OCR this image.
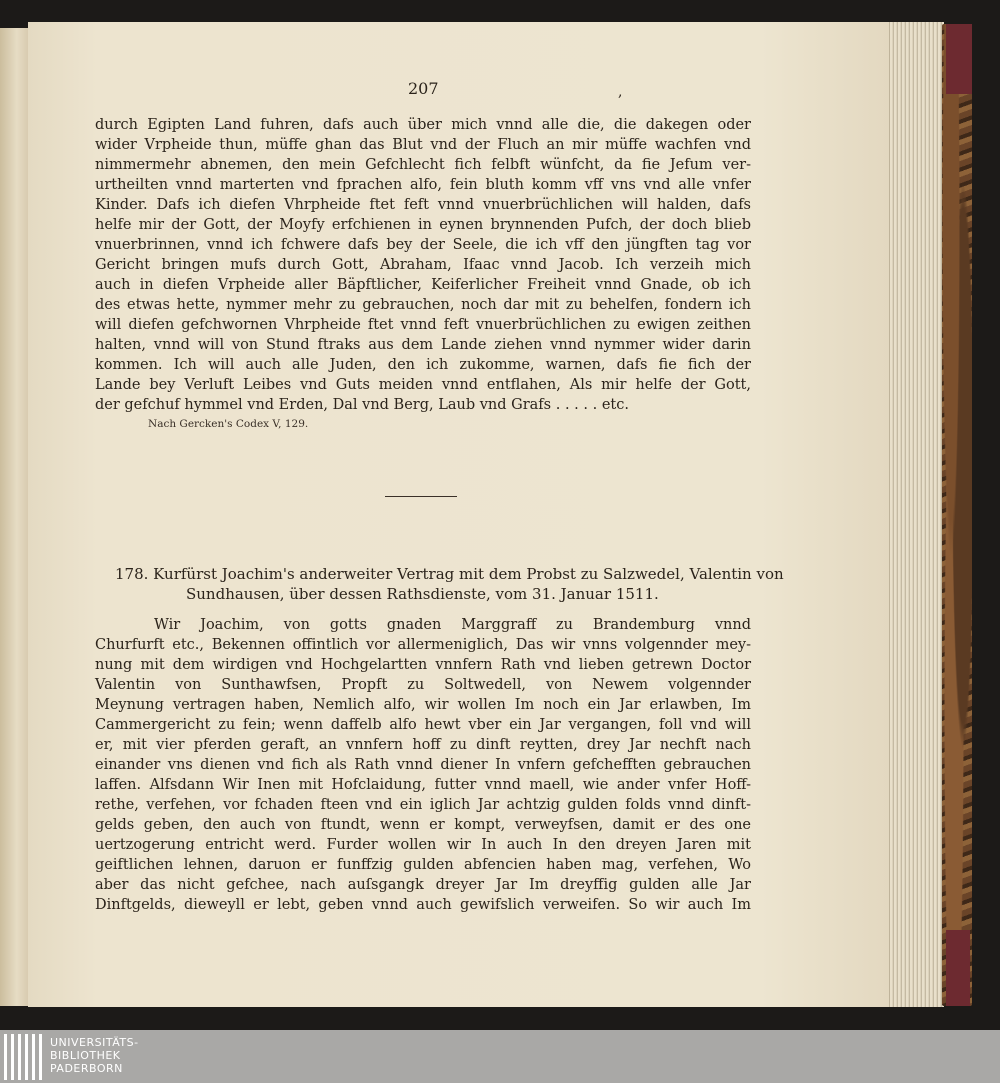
207	,
durch Egipten Land fuhren, dafs auch über mich vnnd alle die, die dakegen oder
wider Vrpheide thun, müffe ghan das Blut vnd der Fluch an mir müffe wachfen vnd
nimmermehr abnemen, den mein Gefchlecht fich felbft wünfcht, da fie Jefum ver-
urtheilten vnnd marterten vnd fprachen alfo, fein bluth komm vff vns vnd alle vnfer
Kinder. Dafs ich diefen Vhrpheide ftet feft vnnd vnuerbrüchlichen will halden, dafs
helfe mir der Gott, der Moyfy erfchienen in eynen brynnenden Pufch, der doch blieb
vnuerbrinnen, vnnd ich fchwere dafs bey der Seele, die ich vff den jüngften tag vor
Gericht bringen mufs durch Gott, Abraham, Ifaac vnnd Jacob. Ich verzeih mich
auch in diefen Vrpheide aller Bäpftlicher, Keiferlicher Freiheit vnnd Gnade, ob ich
des etwas hette, nymmer mehr zu gebrauchen, noch dar mit zu behelfen, fondern ich
will diefen gefchwornen Vhrpheide ftet vnnd feft vnuerbrüchlichen zu ewigen zeithen
halten, vnnd will von Stund ftraks aus dem Lande ziehen vnnd nymmer wider darin
kommen. Ich will auch alle Juden, den ich zukomme, warnen, dafs fie fich der
Lande bey Verluft Leibes vnd Guts meiden vnnd entflahen, Als mir helfe der Gott,
der gefchuf hymmel vnd Erden, Dal vnd Berg, Laub vnd Grafs . . . . . etc.
Nach Gercken's Codex V, 129.
178. Kurfürst Joachim's anderweiter Vertrag mit dem Probst zu Salzwedel, Valentin von
Sundhausen, über dessen Rathsdienste, vom 31. Januar 1511.
Wir Joachim, von gotts gnaden Marggraff zu Brandemburg vnnd
Churfurft etc., Bekennen offintlich vor allermeniglich, Das wir vnns volgennder mey-
nung mit dem wirdigen vnd Hochgelartten vnnfern Rath vnd lieben getrewn Doctor
Valentin von Sunthawfsen, Propft zu Soltwedell, von Newem volgennder
Meynung vertragen haben, Nemlich alfo, wir wollen Im noch ein Jar erlawben, Im
Cammergericht zu fein; wenn daffelb alfo hewt vber ein Jar vergangen, foll vnd will
er, mit vier pferden geraft, an vnnfern hoff zu dinft reytten, drey Jar nechft nach
einander vns dienen vnd fich als Rath vnnd diener In vnfern gefchefften gebrauchen
laffen. Alfsdann Wir Inen mit Hofclaidung, futter vnnd maell, wie ander vnfer Hoff-
rethe, verfehen, vor fchaden fteen vnd ein iglich Jar achtzig gulden folds vnnd dinft-
gelds geben, den auch von ftundt, wenn er kompt, verweyfsen, damit er des one
uertzogerung entricht werd. Furder wollen wir In auch In den dreyen Jaren mit
geiftlichen lehnen, daruon er funffzig gulden abfencien haben mag, verfehen, Wo
aber das nicht gefchee, nach auſsgangk dreyer Jar Im dreyffig gulden alle Jar
Dinftgelds, dieweyll er lebt, geben vnnd auch gewifslich verweifen. So wir auch Im
UNIVERSITÄTS-
BIBLIOTHEK
PADERBORN
